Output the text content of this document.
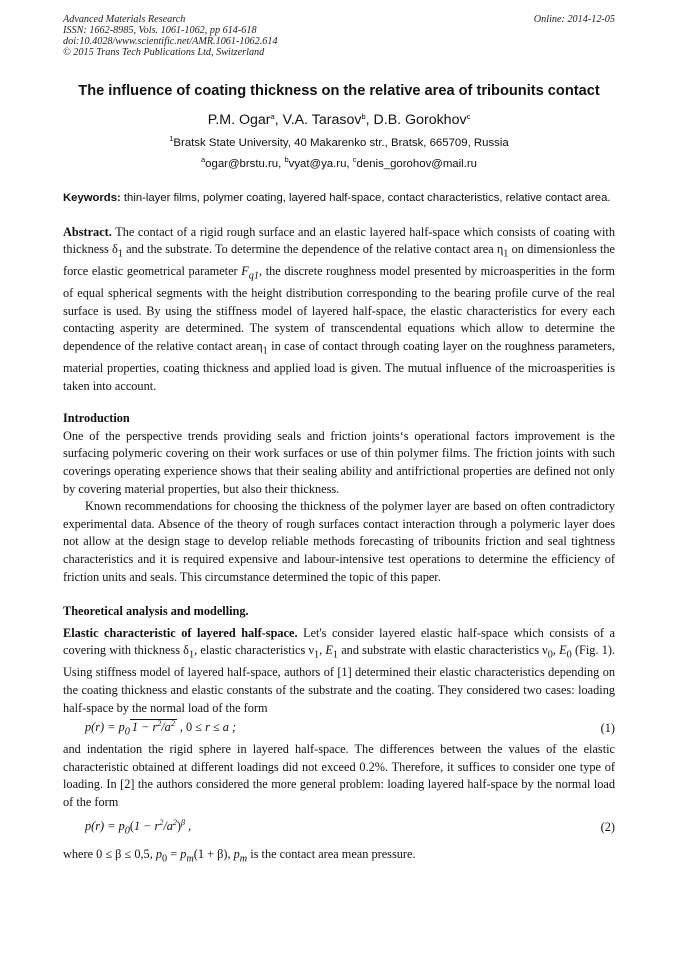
Advanced Materials Research
ISSN: 1662-8985, Vols. 1061-1062, pp 614-618
doi:10.4028/www.scientific.net/AMR.1061-1062.614
© 2015 Trans Tech Publications Ltd, Switzerland
Online: 2014-12-05
The influence of coating thickness on the relative area of tribounits contact
P.M. Ogar$^a$, V.A. Tarasov$^b$, D.B. Gorokhov$^c$
$^1$Bratsk State University, 40 Makarenko str., Bratsk, 665709, Russia
$^a$ogar@brstu.ru, $^b$vyat@ya.ru, $^c$denis_gorohov@mail.ru
Keywords: thin-layer films, polymer coating, layered half-space, contact characteristics, relative contact area.
Abstract. The contact of a rigid rough surface and an elastic layered half-space which consists of coating with thickness $\delta_1$ and the substrate. To determine the dependence of the relative contact area $\eta_1$ on dimensionless the force elastic geometrical parameter $F_{q1}$, the discrete roughness model presented by microasperities in the form of equal spherical segments with the height distribution corresponding to the bearing profile curve of the real surface is used. By using the stiffness model of layered half-space, the elastic characteristics for every each contacting asperity are determined. The system of transcendental equations which allow to determine the dependence of the relative contact areaη$_1$ in case of contact through coating layer on the roughness parameters, material properties, coating thickness and applied load is given. The mutual influence of the microasperities is taken into account.
Introduction

One of the perspective trends providing seals and friction joints‘s operational factors improvement is the surfacing polymeric covering on their work surfaces or use of thin polymer films. The friction joints with such coverings operating experience shows that their sealing ability and antifrictional properties are defined not only by covering material properties, but also their thickness.

Known recommendations for choosing the thickness of the polymer layer are based on often contradictory experimental data. Absence of the theory of rough surfaces contact interaction through a polymeric layer does not allow at the design stage to develop reliable methods forecasting of tribounits friction and seal tightness characteristics and it is required expensive and labour-intensive test operations to determine the efficiency of friction units and seals. This circumstance determined the topic of this paper.

Theoretical analysis and modelling.

Elastic characteristic of layered half-space. Let's consider layered elastic half-space which consists of a covering with thickness $\delta_1$, elastic characteristics $\nu_1$, $E_1$ and substrate with elastic characteristics $\nu_0$, $E_0$ (Fig. 1). Using stiffness model of layered half-space, authors of [1] determined their elastic characteristics depending on the coating thickness and elastic constants of the substrate and the coating. They considered two cases: loading half-space by the normal load of the form

$p(r) = p_0$ $1 - r^2/a^2$ , 0 ≤ r ≤ a ;	(1)

and indentation the rigid sphere in layered half-space. The differences between the values of the elastic characteristic obtained at different loadings did not exceed 0.2%. Therefore, it suffices to consider one type of loading. In [2] the authors considered the more general problem: loading layered half-space by the normal load of the form

$p(r) = p_0(1 - r^2/a^2)^\beta$ ,	(2)

where 0 ≤ β ≤ 0,5, $p_0 = p_m(1 + \beta)$, $p_m$ is the contact area mean pressure.
